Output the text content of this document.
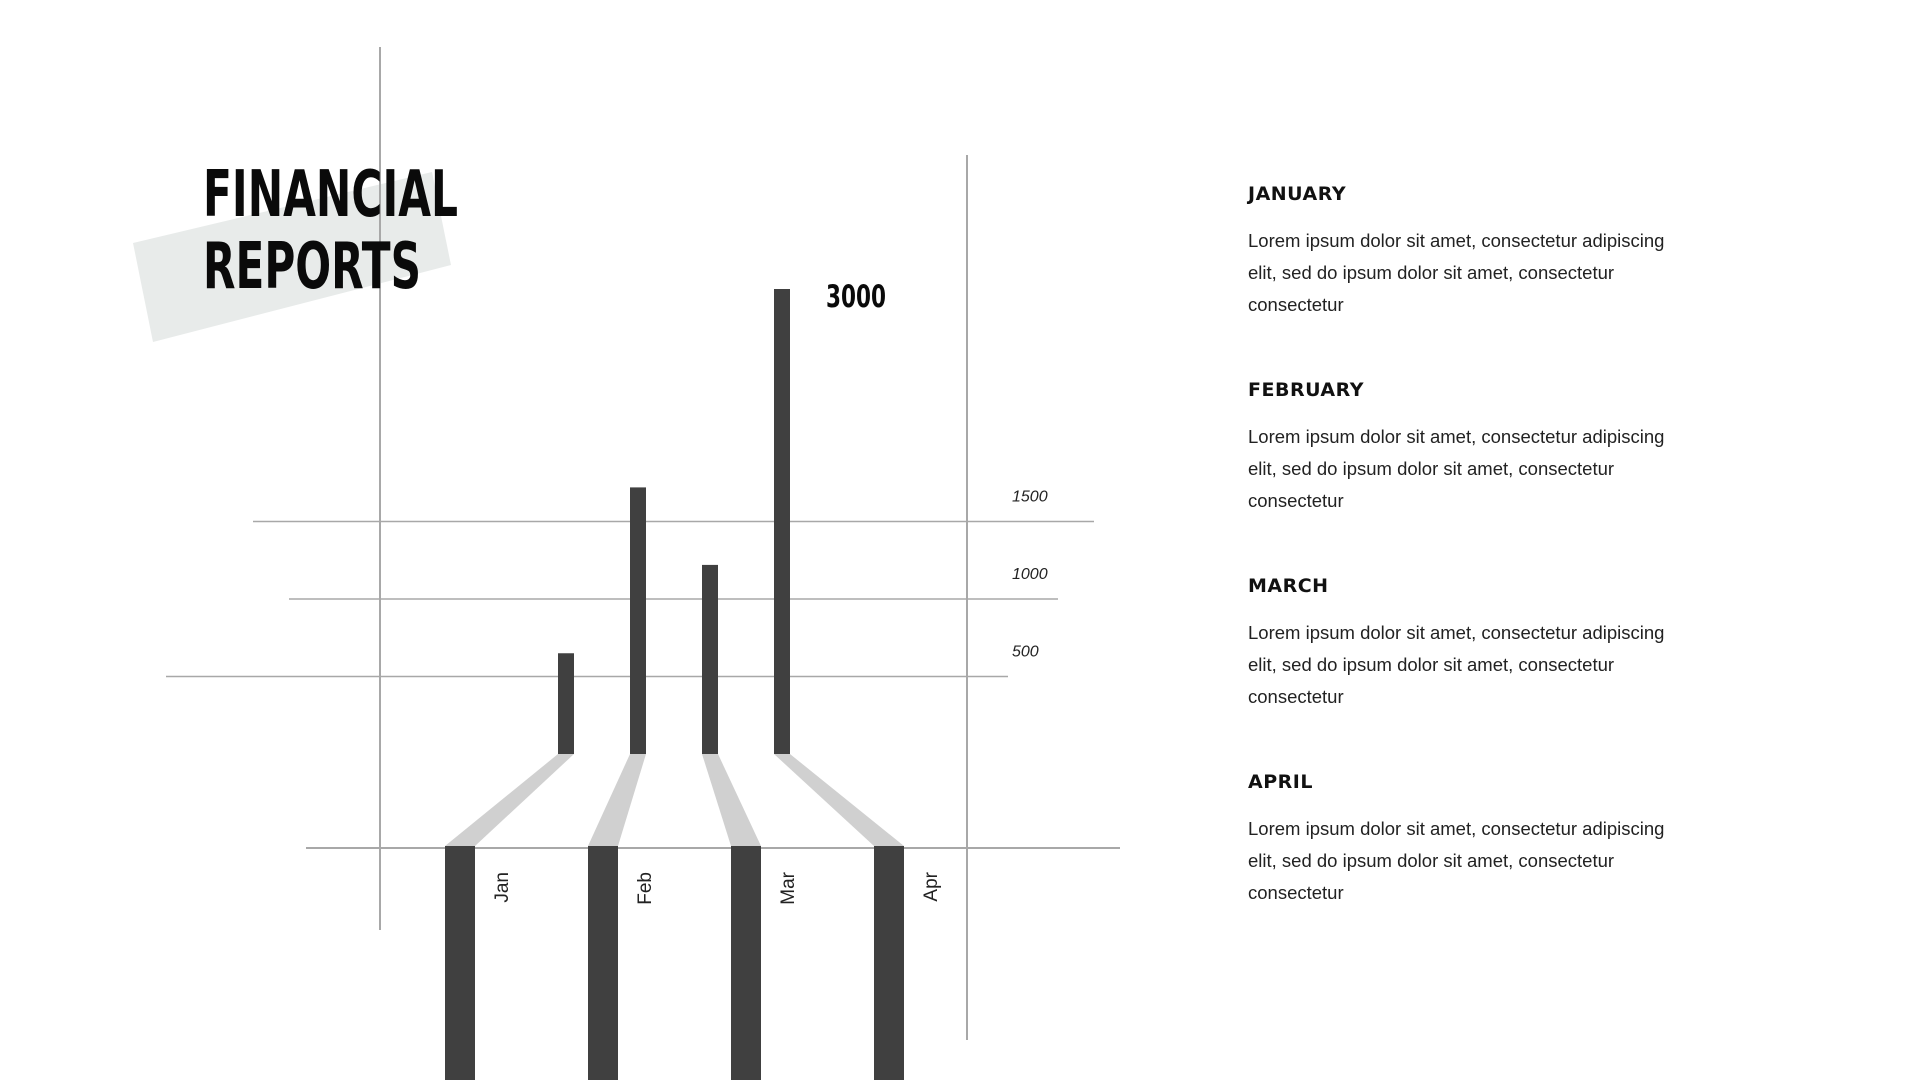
FINANCIAL
REPORTS	3000
500
1000
1500
Jan	Feb	Mar	Apr
JANUARY
Lorem ipsum dolor sit amet, consectetur adipiscing elit, sed do ipsum dolor sit amet, consectetur consectetur
FEBRUARY
Lorem ipsum dolor sit amet, consectetur adipiscing elit, sed do ipsum dolor sit amet, consectetur consectetur
MARCH
Lorem ipsum dolor sit amet, consectetur adipiscing elit, sed do ipsum dolor sit amet, consectetur consectetur
APRIL
Lorem ipsum dolor sit amet, consectetur adipiscing elit, sed do ipsum dolor sit amet, consectetur consectetur
